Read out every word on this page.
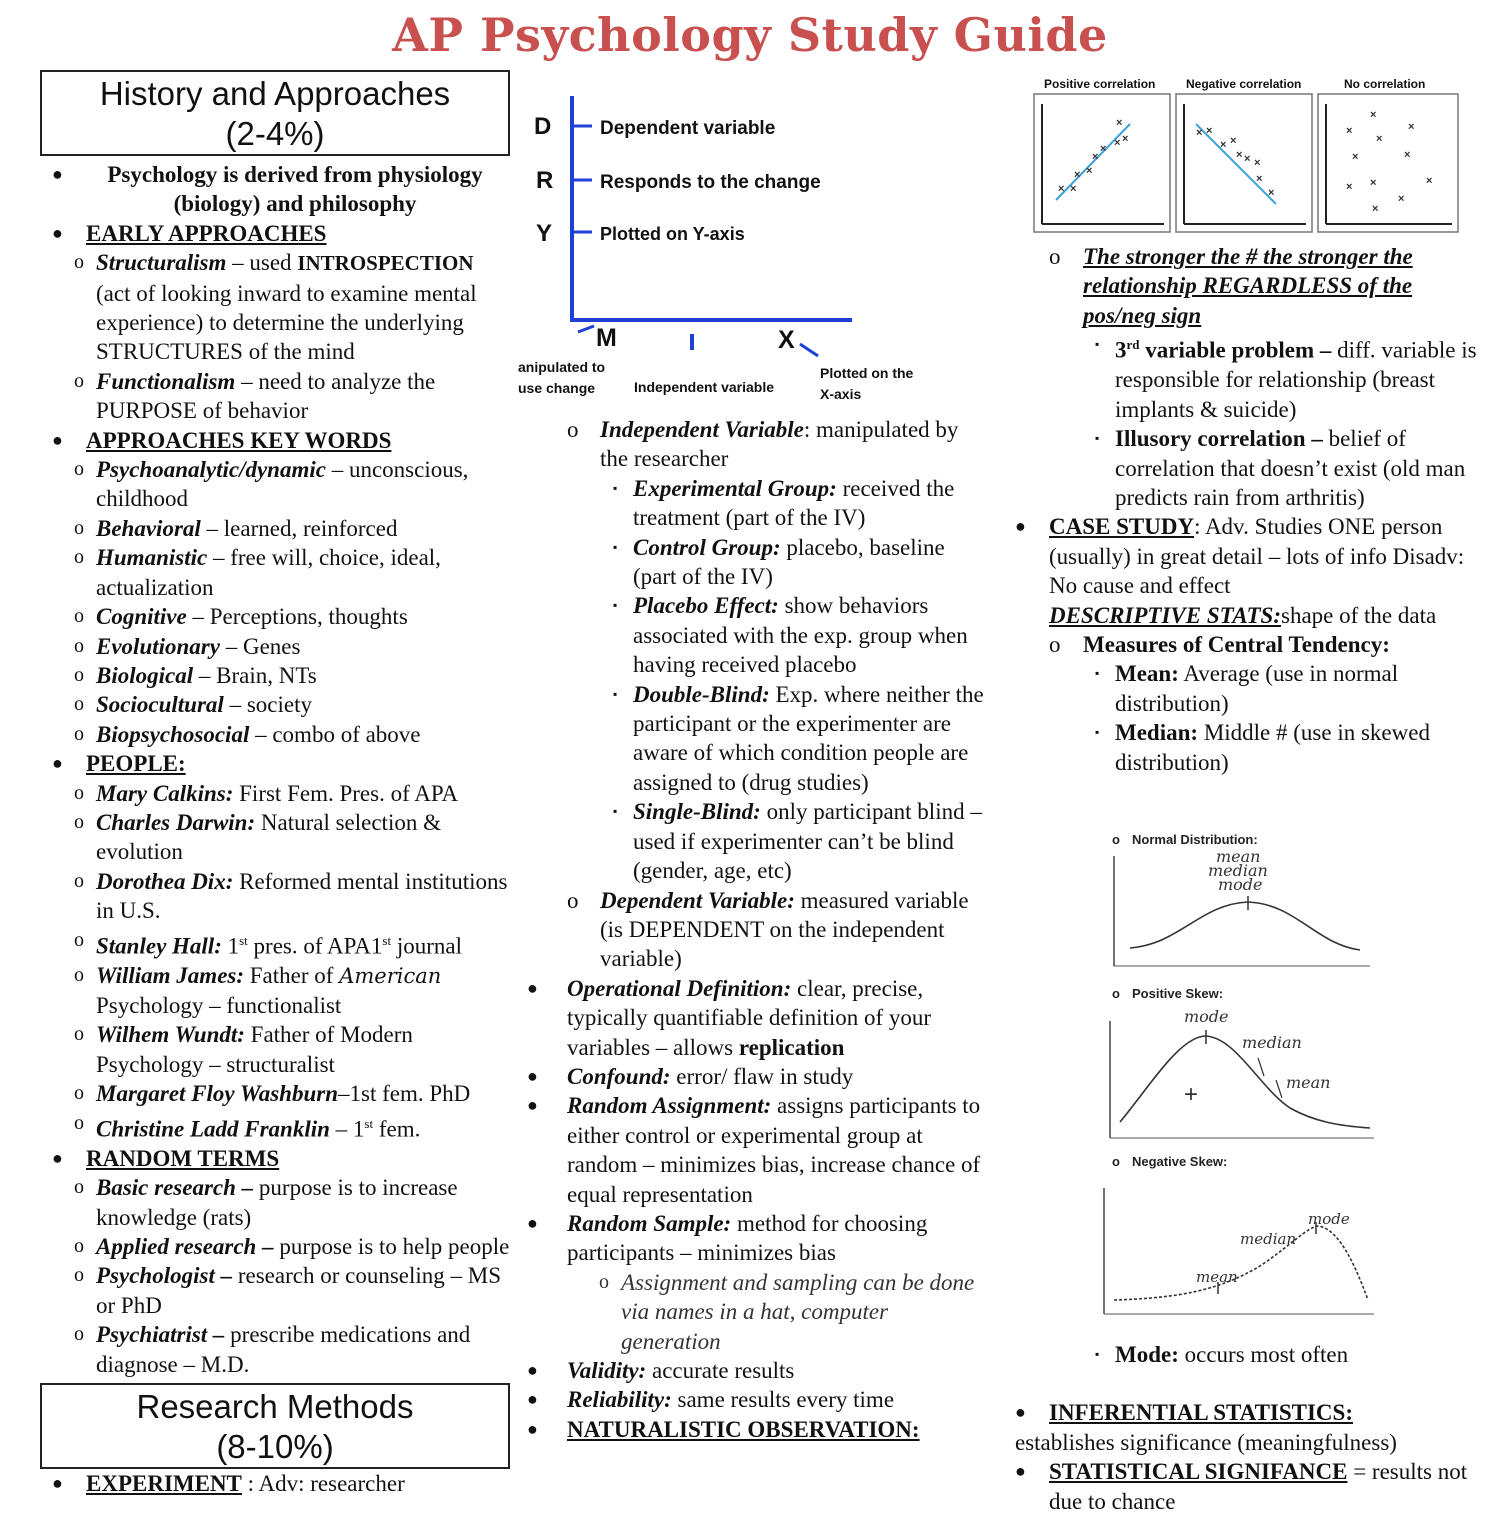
AP Psychology Study Guide
History and Approaches
(2-4%)
● Psychology is derived from physiology (biology) and philosophy
● EARLY APPROACHES
o Structuralism – used INTROSPECTION (act of looking inward to examine mental experience) to determine the underlying STRUCTURES of the mind
o Functionalism – need to analyze the PURPOSE of behavior
● APPROACHES KEY WORDS
o Psychoanalytic/dynamic – unconscious, childhood
o Behavioral – learned, reinforced
o Humanistic – free will, choice, ideal, actualization
o Cognitive – Perceptions, thoughts
o Evolutionary – Genes
o Biological – Brain, NTs
o Sociocultural – society
o Biopsychosocial – combo of above
● PEOPLE:
o Mary Calkins: First Fem. Pres. of APA
o Charles Darwin: Natural selection & evolution
o Dorothea Dix: Reformed mental institutions in U.S.
o Stanley Hall: 1st pres. of APA1st journal
o William James: Father of American Psychology – functionalist
o Wilhem Wundt: Father of Modern Psychology – structuralist
o Margaret Floy Washburn–1st fem. PhD
o Christine Ladd Franklin – 1st fem.
● RANDOM TERMS
o Basic research – purpose is to increase knowledge (rats)
o Applied research – purpose is to help people
o Psychologist – research or counseling – MS or PhD
o Psychiatrist – prescribe medications and diagnose – M.D.
Research Methods
(8-10%)
● EXPERIMENT : Adv: researcher
D
R
Y
Dependent variable
Responds to the change
Plotted on Y-axis
M	X
anipulated to
use change	Independent variable
Plotted on the
X-axis
o Independent Variable: manipulated by the researcher
▪ Experimental Group: received the treatment (part of the IV)
▪ Control Group: placebo, baseline (part of the IV)
▪ Placebo Effect: show behaviors associated with the exp. group when having received placebo
▪ Double-Blind: Exp. where neither the participant or the experimenter are aware of which condition people are assigned to (drug studies)
▪ Single-Blind: only participant blind – used if experimenter can’t be blind (gender, age, etc)
o Dependent Variable: measured variable (is DEPENDENT on the independent variable)
● Operational Definition: clear, precise, typically quantifiable definition of your variables – allows replication
● Confound: error/ flaw in study
● Random Assignment: assigns participants to either control or experimental group at random – minimizes bias, increase chance of equal representation
● Random Sample: method for choosing participants – minimizes bias
o Assignment and sampling can be done via names in a hat, computer generation
● Validity: accurate results
● Reliability: same results every time
● NATURALISTIC OBSERVATION:
Positive correlation	Negative correlation	No correlation
× ×
× ×
×
× × ×
×
× ×
× ×
× × ×
×
×
×
×
×
×
×	×
×	×
×
×
×
o The stronger the # the stronger the relationship REGARDLESS of the pos/neg sign
▪ 3rd variable problem – diff. variable is responsible for relationship (breast implants & suicide)
▪ Illusory correlation – belief of correlation that doesn’t exist (old man predicts rain from arthritis)
● CASE STUDY: Adv. Studies ONE person (usually) in great detail – lots of info Disadv: No cause and effect
DESCRIPTIVE STATS:shape of the data
o Measures of Central Tendency:
▪ Mean: Average (use in normal distribution)
▪ Median: Middle # (use in skewed distribution)
o Normal Distribution:
mean
median
mode
o Positive Skew:
+
mode
median
mean
o Negative Skew:
mean
median
mode
▪ Mode: occurs most often
● INFERENTIAL STATISTICS:
establishes significance (meaningfulness)
● STATISTICAL SIGNIFANCE = results not due to chance
